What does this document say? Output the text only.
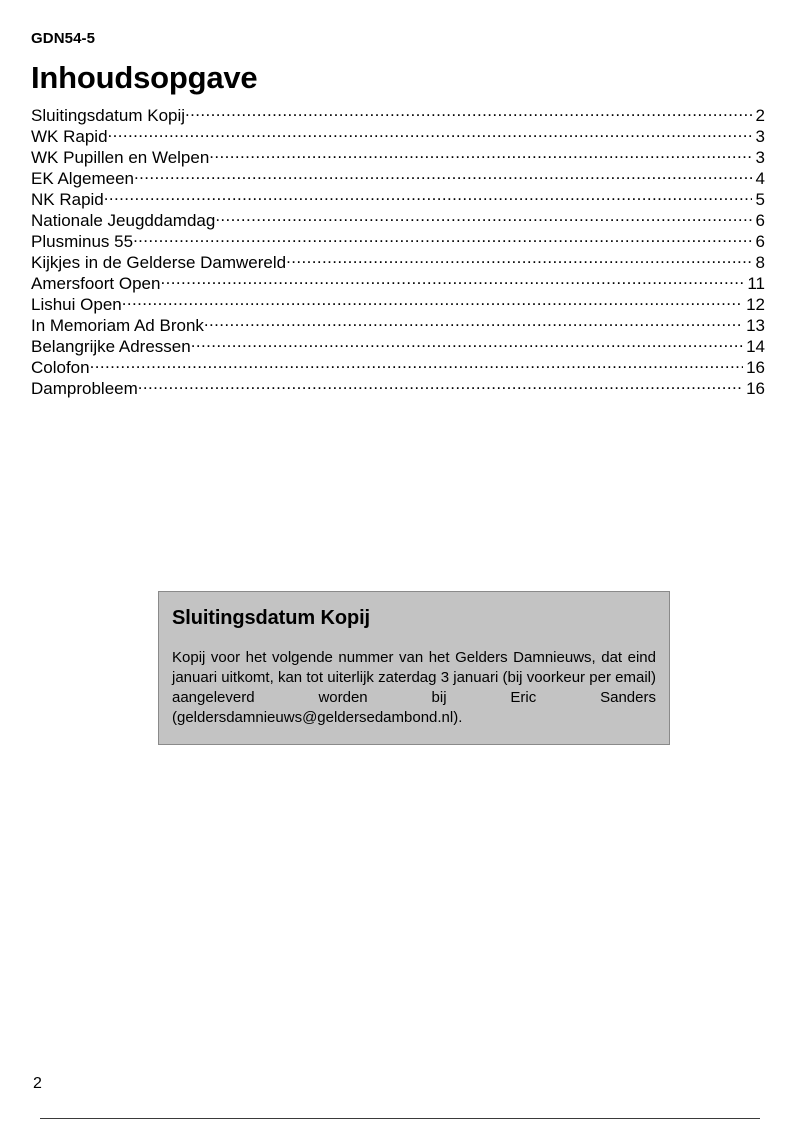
GDN54-5
Inhoudsopgave
Sluitingsdatum Kopij .....	2
WK Rapid .....	3
WK Pupillen en Welpen .....	3
EK Algemeen .....	4
NK Rapid .....	5
Nationale Jeugddamdag .....	6
Plusminus 55 .....	6
Kijkjes in de Gelderse Damwereld .....	8
Amersfoort Open .....	11
Lishui Open .....	12
In Memoriam Ad Bronk .....	13
Belangrijke Adressen .....	14
Colofon .....	16
Damprobleem .....	16
Sluitingsdatum Kopij
Kopij voor het volgende nummer van het Gelders Damnieuws, dat eind januari uitkomt, kan tot uiterlijk zaterdag 3 januari (bij voorkeur per email) aangeleverd worden bij Eric Sanders (geldersdamnieuws@geldersedambond.nl).
2
